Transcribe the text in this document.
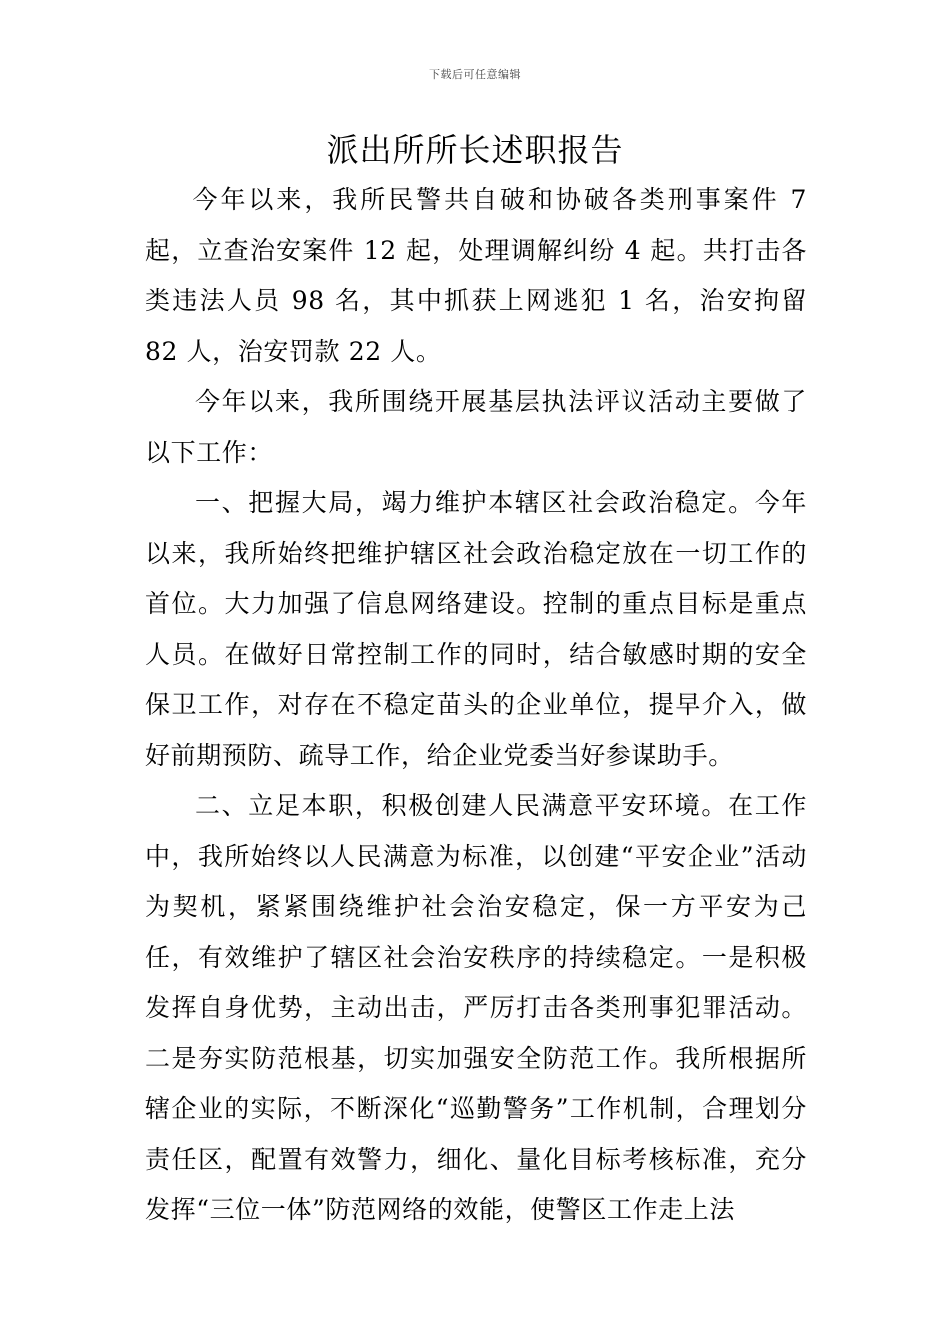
下载后可任意编辑
派出所所长述职报告

今年以来，我所民警共自破和协破各类刑事案件 7 起，立查治安案件 12 起，处理调解纠纷 4 起。共打击各类违法人员 98 名，其中抓获上网逃犯 1 名，治安拘留 82 人，治安罚款 22 人。

今年以来，我所围绕开展基层执法评议活动主要做了以下工作：

一、把握大局，竭力维护本辖区社会政治稳定。今年以来，我所始终把维护辖区社会政治稳定放在一切工作的首位。大力加强了信息网络建设。控制的重点目标是重点人员。在做好日常控制工作的同时，结合敏感时期的安全保卫工作，对存在不稳定苗头的企业单位，提早介入，做好前期预防、疏导工作，给企业党委当好参谋助手。

二、立足本职，积极创建人民满意平安环境。在工作中，我所始终以人民满意为标准，以创建“平安企业”活动为契机，紧紧围绕维护社会治安稳定，保一方平安为己任，有效维护了辖区社会治安秩序的持续稳定。一是积极发挥自身优势，主动出击，严厉打击各类刑事犯罪活动。二是夯实防范根基，切实加强安全防范工作。我所根据所辖企业的实际，不断深化“巡勤警务”工作机制，合理划分责任区，配置有效警力，细化、量化目标考核标准，充分发挥“三位一体”防范网络的效能，使警区工作走上法
